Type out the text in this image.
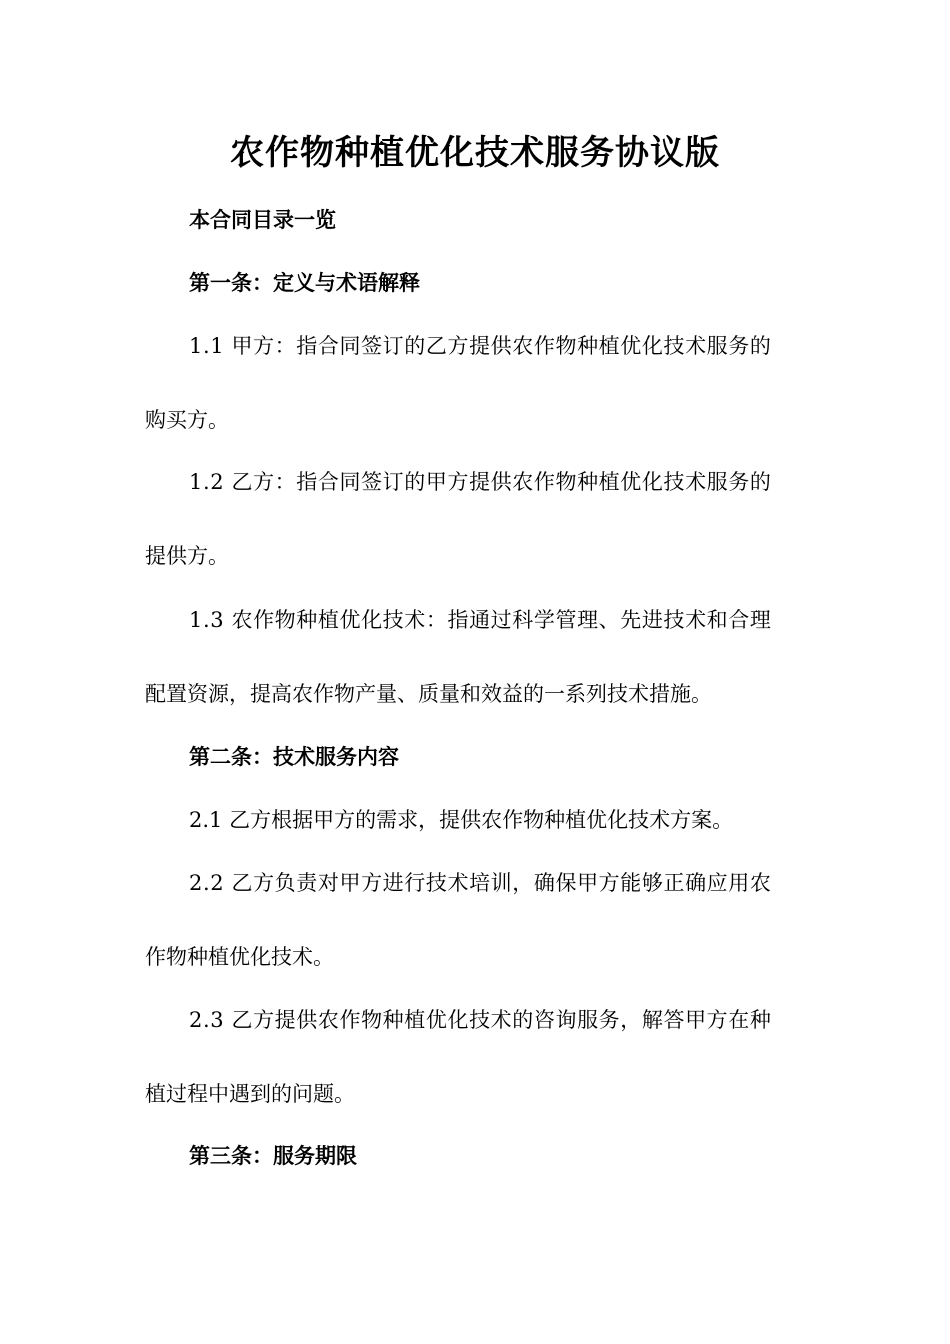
农作物种植优化技术服务协议版
本合同目录一览
第一条：定义与术语解释
1.1 甲方：指合同签订的乙方提供农作物种植优化技术服务的
购买方。
1.2 乙方：指合同签订的甲方提供农作物种植优化技术服务的
提供方。
1.3 农作物种植优化技术：指通过科学管理、先进技术和合理
配置资源，提高农作物产量、质量和效益的一系列技术措施。
第二条：技术服务内容
2.1 乙方根据甲方的需求，提供农作物种植优化技术方案。
2.2 乙方负责对甲方进行技术培训，确保甲方能够正确应用农
作物种植优化技术。
2.3 乙方提供农作物种植优化技术的咨询服务，解答甲方在种
植过程中遇到的问题。
第三条：服务期限
